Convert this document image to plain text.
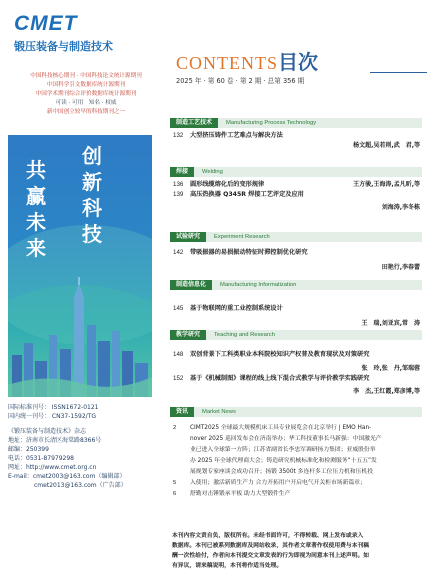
CMET
锻压装备与制造技术
中国科技核心期刊 · 中国科技论文统计源期刊
中国科学引文数据库统计源期刊
中国学术期刊综合评价数据库统计源期刊
可读 · 可用　知名 · 权威
新中国创立较早的科技期刊之一
共
赢
未
来
创
新
科
技
国际标准刊号： ISSN1672-0121
国内统一刊号： CN37-1592/TG
《锻压装备与制造技术》杂志
地址：济南市长清区海棠路8366号
邮编：250399
电话：0531-87979298
网址：http://www.cmet.org.cn
E-mail：cmet2003@163.com（编辑部）
cmet2013@163.com（广告部）
CONTENTS目次
2025 年 · 第 60 卷 · 第 2 期 · 总第 356 期
制造工艺技术	Manufacturing Process Technology
132	大型挤压铸件工艺难点与解决方法
杨文超,吴若则,武　君,等
焊接	Welding
136	圆形线缆熔化后的变形规律	王方骏,王海涛,孟凡昕,等
139	高压热换器 Q345R 焊接工艺评定及应用
刘海涛,李冬栋
试验研究	Experiment Research
142	带吸振器的易损振动特征时滞控制优化研究
田艳行,李春蕾
制造信息化	Manufacturing Informatization
145	基于物联网的重工业控制系统设计
王　瑞,刘亚宾,常　涛
教学研究	Teaching and Research
148	双创背景下工科类职业本科院校知识产权普及教育现状及对策研究
张　玲,张　丹,邹瑞蓉
152	基于《机械制图》课程的线上线下混合式教学与评价教学实践研究
李　杰,王红霞,郑彦博,等
资讯	Market News
2	CIMT2025 全球最大规模机床工具专业展览会在北京举行 | EMO Han-
nover 2025 巡回发布会在济南举办；华工科技董事长马新强：中国激光产
业已进入全球第一方阵；江苏省副省长李忠军调研扬力集团；亚威股份举
办 2025 年全球代理商大会；铸造研究机械标准化和检测服务“十五五”发
展规划专家座谈会成功召开；扬锻 3500t 多连杆多工位压力机和压机投
5	入使用；激活新质生产力 合力开拓用户开启电气开关柜市场新篇章；
6	舒勤对击锤锻承平板 助力大型锻件生产
本刊内容文责自负，版权所有。未经书面许可，不得转载、网上发布或录入
数据库。本刊已被系列数据库及网站收录，其作者文章著作权使用费与本刊稿
酬一次性给付，作者向本刊提交文章发表的行为即视为同意本刊上述声明。如
有异议，请来稿说明，本刊将作适当处理。
